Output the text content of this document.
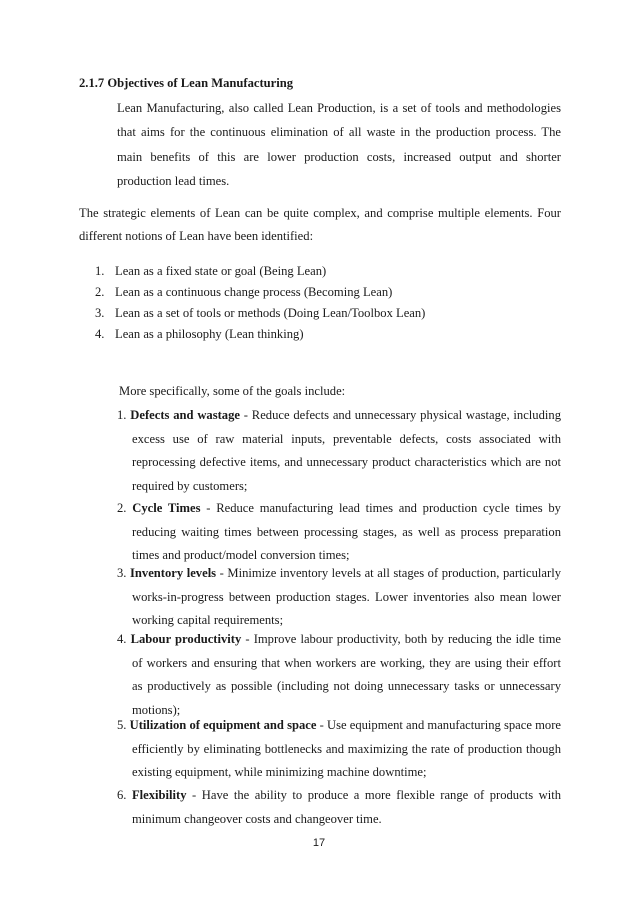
2.1.7 Objectives of Lean Manufacturing
Lean Manufacturing, also called Lean Production, is a set of tools and methodologies that aims for the continuous elimination of all waste in the production process. The main benefits of this are lower production costs, increased output and shorter production lead times.
The strategic elements of Lean can be quite complex, and comprise multiple elements. Four different notions of Lean have been identified:
1. Lean as a fixed state or goal (Being Lean)
2. Lean as a continuous change process (Becoming Lean)
3. Lean as a set of tools or methods (Doing Lean/Toolbox Lean)
4. Lean as a philosophy (Lean thinking)
More specifically, some of the goals include:
1. Defects and wastage - Reduce defects and unnecessary physical wastage, including excess use of raw material inputs, preventable defects, costs associated with reprocessing defective items, and unnecessary product characteristics which are not required by customers;
2. Cycle Times - Reduce manufacturing lead times and production cycle times by reducing waiting times between processing stages, as well as process preparation times and product/model conversion times;
3. Inventory levels - Minimize inventory levels at all stages of production, particularly works-in-progress between production stages. Lower inventories also mean lower working capital requirements;
4. Labour productivity - Improve labour productivity, both by reducing the idle time of workers and ensuring that when workers are working, they are using their effort as productively as possible (including not doing unnecessary tasks or unnecessary motions);
5. Utilization of equipment and space - Use equipment and manufacturing space more efficiently by eliminating bottlenecks and maximizing the rate of production though existing equipment, while minimizing machine downtime;
6. Flexibility - Have the ability to produce a more flexible range of products with minimum changeover costs and changeover time.
17
